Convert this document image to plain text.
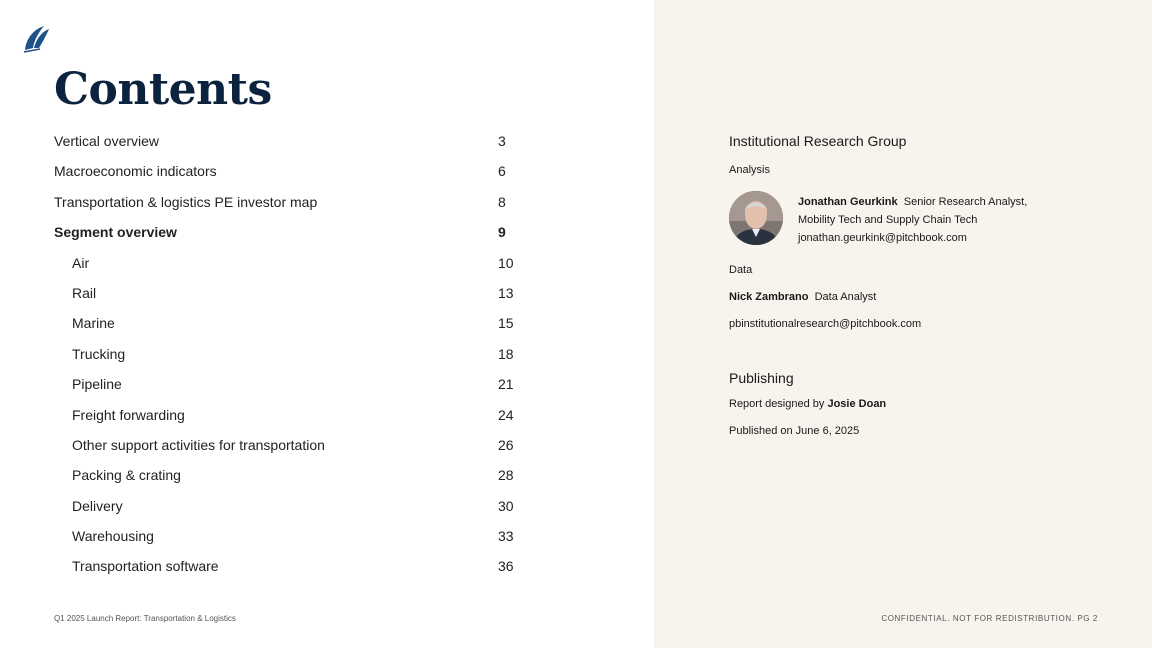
Contents
Vertical overview	3
Macroeconomic indicators	6
Transportation & logistics PE investor map	8
Segment overview	9
Air	10
Rail	13
Marine	15
Trucking	18
Pipeline	21
Freight forwarding	24
Other support activities for transportation	26
Packing & crating	28
Delivery	30
Warehousing	33
Transportation software	36
Institutional Research Group
Analysis
Jonathan Geurkink Senior Research Analyst,
Mobility Tech and Supply Chain Tech
jonathan.geurkink@pitchbook.com
Data
Nick Zambrano Data Analyst
pbinstitutionalresearch@pitchbook.com
Publishing
Report designed by Josie Doan
Published on June 6, 2025
Q1 2025 Launch Report: Transportation & Logistics	CONFIDENTIAL. NOT FOR REDISTRIBUTION. PG 2
